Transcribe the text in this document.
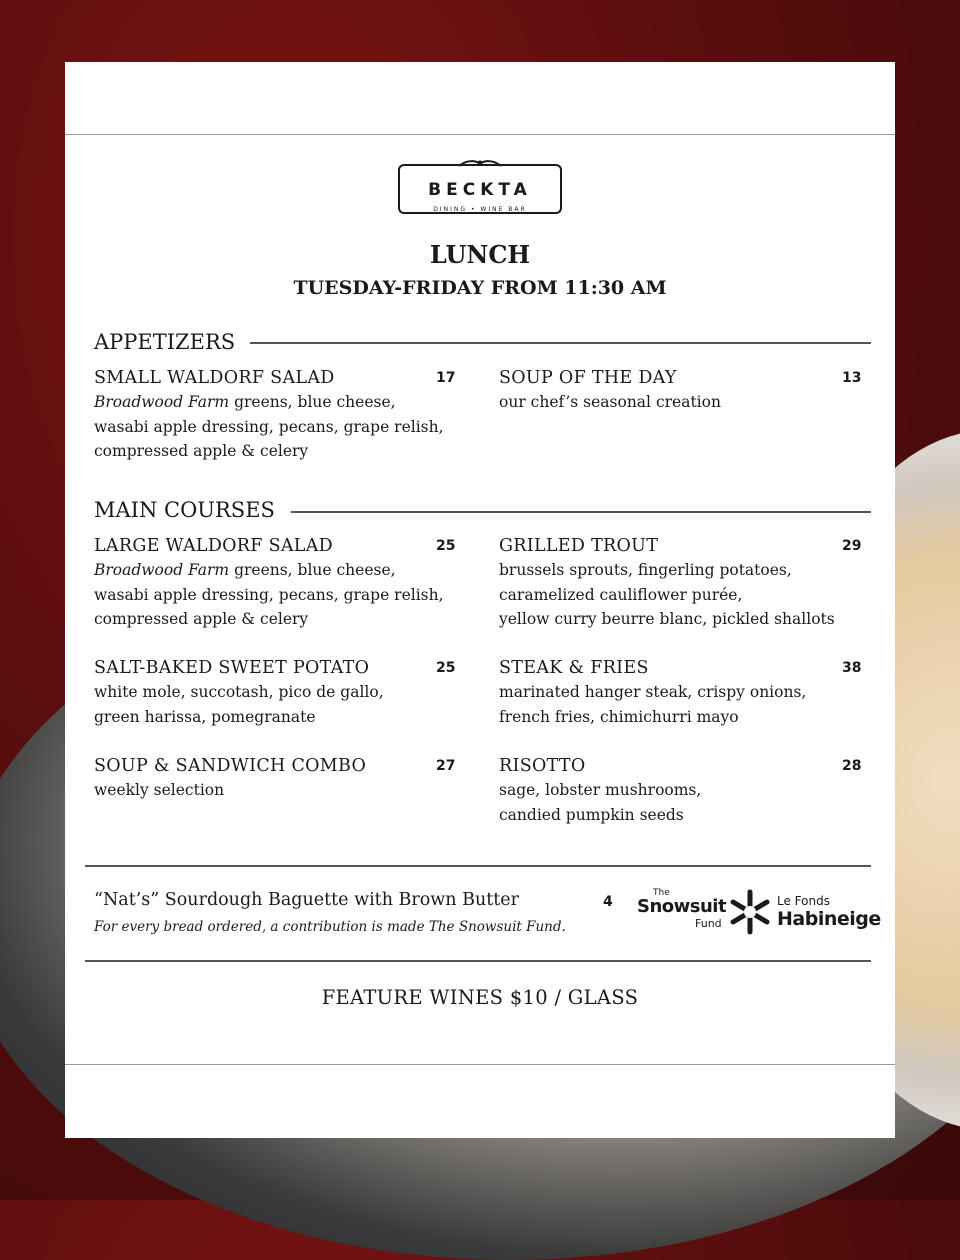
BECKTA
DINING • WINE BAR
LUNCH
TUESDAY-FRIDAY FROM 11:30 AM
APPETIZERS
SMALL WALDORF SALAD	17
Broadwood Farm greens, blue cheese,
wasabi apple dressing, pecans, grape relish,
compressed apple & celery
SOUP OF THE DAY	13
our chef’s seasonal creation
MAIN COURSES
LARGE WALDORF SALAD	25
Broadwood Farm greens, blue cheese,
wasabi apple dressing, pecans, grape relish,
compressed apple & celery
GRILLED TROUT	29
brussels sprouts, fingerling potatoes,
caramelized cauliflower purée,
yellow curry beurre blanc, pickled shallots
SALT-BAKED SWEET POTATO	25
white mole, succotash, pico de gallo,
green harissa, pomegranate
STEAK & FRIES	38
marinated hanger steak, crispy onions,
french fries, chimichurri mayo
SOUP & SANDWICH COMBO	27
weekly selection
RISOTTO	28
sage, lobster mushrooms,
candied pumpkin seeds
“Nat’s” Sourdough Baguette with Brown Butter	4
For every bread ordered, a contribution is made The Snowsuit Fund.
The
Snowsuit
Fund
Le Fonds
Habineige
FEATURE WINES $10 / GLASS
